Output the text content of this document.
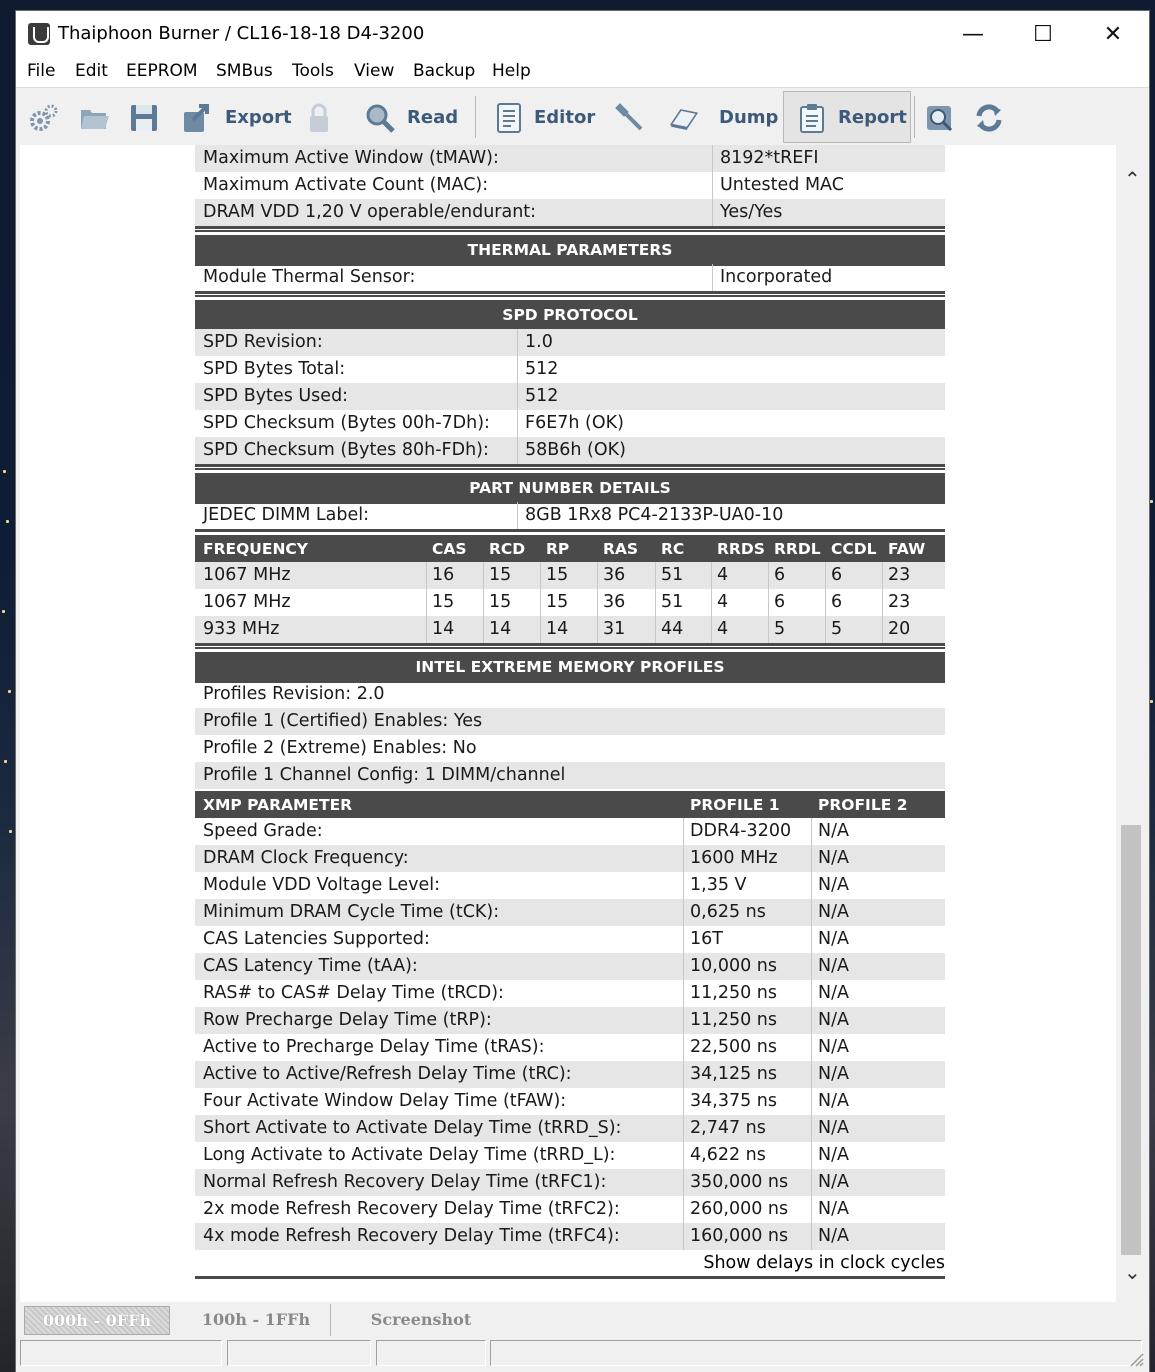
Thaiphoon Burner / CL16-18-18 D4-3200	—	☐	✕
File Edit EEPROM SMBus Tools View Backup Help
Export	Read	Editor	Dump	Report
Maximum Active Window (tMAW):	8192*tREFI
Maximum Activate Count (MAC):	Untested MAC
DRAM VDD 1,20 V operable/endurant:	Yes/Yes
THERMAL PARAMETERS
Module Thermal Sensor:	Incorporated
SPD PROTOCOL
SPD Revision:	1.0
SPD Bytes Total:	512
SPD Bytes Used:	512
SPD Checksum (Bytes 00h-7Dh): F6E7h (OK)
SPD Checksum (Bytes 80h-FDh): 58B6h (OK)
PART NUMBER DETAILS
JEDEC DIMM Label:	8GB 1Rx8 PC4-2133P-UA0-10
FREQUENCY	CAS RCD RP RAS RC RRDS RRDL CCDL FAW
1067 MHz	16 15 15 36 51 4	6	6	23
1067 MHz	15 15 15 36 51 4	6	6	23
933 MHz	14 14 14 31 44 4	5	5	20
INTEL EXTREME MEMORY PROFILES
Profiles Revision: 2.0
Profile 1 (Certified) Enables: Yes
Profile 2 (Extreme) Enables: No
Profile 1 Channel Config: 1 DIMM/channel
XMP PARAMETER	PROFILE 1 PROFILE 2
Speed Grade:	DDR4-3200 N/A
DRAM Clock Frequency:	1600 MHz N/A
Module VDD Voltage Level:	1,35 V	N/A
Minimum DRAM Cycle Time (tCK):	0,625 ns	N/A
CAS Latencies Supported:	16T	N/A
CAS Latency Time (tAA):	10,000 ns N/A
RAS# to CAS# Delay Time (tRCD):	11,250 ns N/A
Row Precharge Delay Time (tRP):	11,250 ns N/A
Active to Precharge Delay Time (tRAS):	22,500 ns N/A
Active to Active/Refresh Delay Time (tRC):	34,125 ns N/A
Four Activate Window Delay Time (tFAW):	34,375 ns N/A
Short Activate to Activate Delay Time (tRRD_S):	2,747 ns	N/A
Long Activate to Activate Delay Time (tRRD_L):	4,622 ns	N/A
Normal Refresh Recovery Delay Time (tRFC1):	350,000 ns N/A
2x mode Refresh Recovery Delay Time (tRFC2):	260,000 ns N/A
4x mode Refresh Recovery Delay Time (tRFC4):	160,000 ns N/A
Show delays in clock cycles
⌃
⌄
000h - 0FFh	100h - 1FFh	Screenshot
